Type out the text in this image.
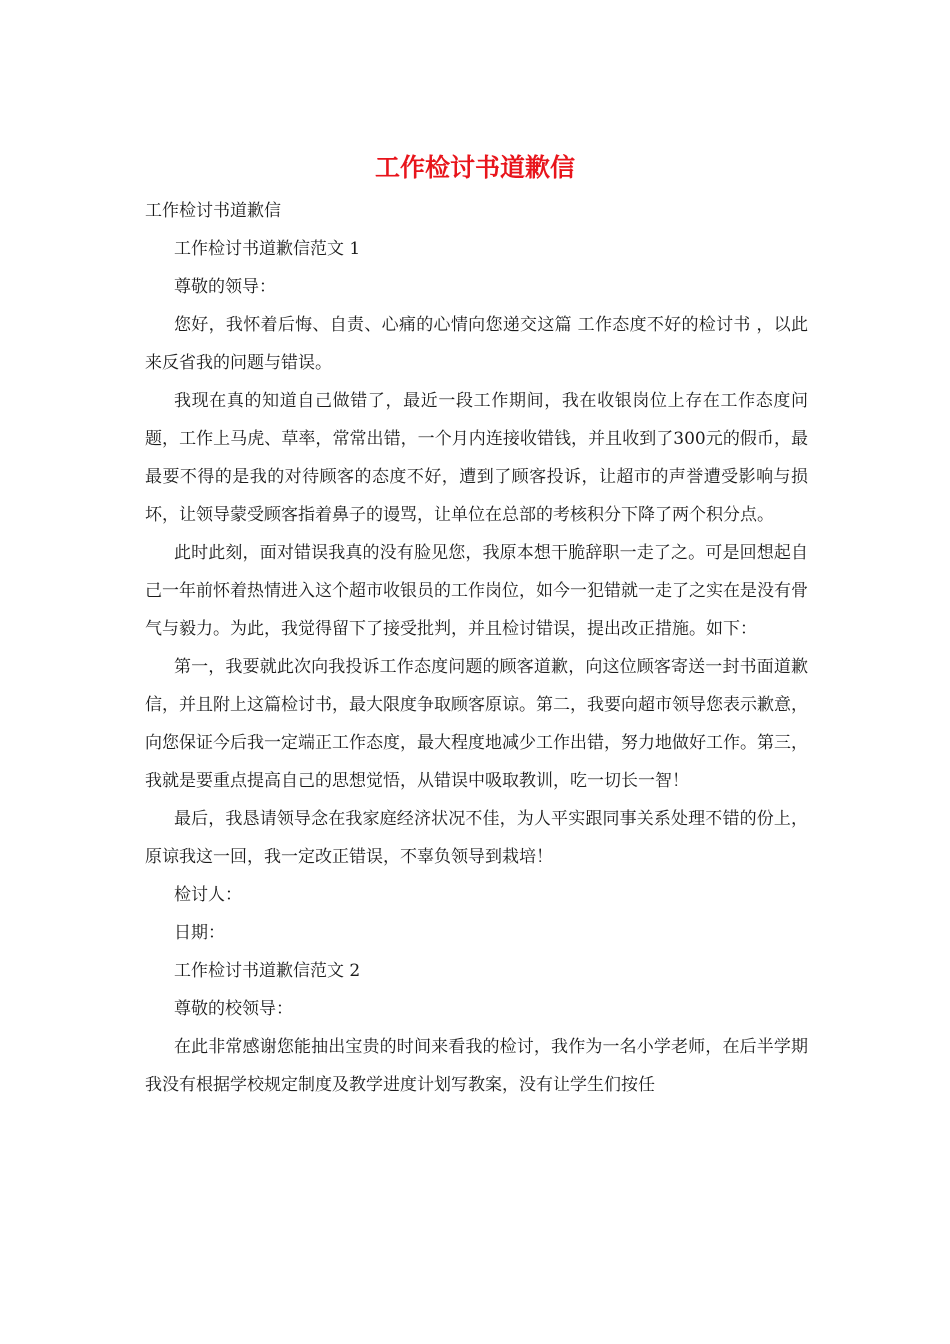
工作检讨书道歉信
工作检讨书道歉信

工作检讨书道歉信范文 1

尊敬的领导：

您好，我怀着后悔、自责、心痛的心情向您递交这篇 工作态度不好的检讨书 ，以此来反省我的问题与错误。

我现在真的知道自己做错了，最近一段工作期间，我在收银岗位上存在工作态度问题，工作上马虎、草率，常常出错，一个月内连接收错钱，并且收到了300元的假币，最最要不得的是我的对待顾客的态度不好，遭到了顾客投诉，让超市的声誉遭受影响与损坏，让领导蒙受顾客指着鼻子的谩骂，让单位在总部的考核积分下降了两个积分点。

此时此刻，面对错误我真的没有脸见您，我原本想干脆辞职一走了之。可是回想起自己一年前怀着热情进入这个超市收银员的工作岗位，如今一犯错就一走了之实在是没有骨气与毅力。为此，我觉得留下了接受批判，并且检讨错误，提出改正措施。如下：

第一，我要就此次向我投诉工作态度问题的顾客道歉，向这位顾客寄送一封书面道歉信，并且附上这篇检讨书，最大限度争取顾客原谅。第二，我要向超市领导您表示歉意，向您保证今后我一定端正工作态度，最大程度地减少工作出错，努力地做好工作。第三，我就是要重点提高自己的思想觉悟，从错误中吸取教训，吃一切长一智！

最后，我恳请领导念在我家庭经济状况不佳，为人平实跟同事关系处理不错的份上，原谅我这一回，我一定改正错误，不辜负领导到栽培！

检讨人：

日期：

工作检讨书道歉信范文 2

尊敬的校领导：

在此非常感谢您能抽出宝贵的时间来看我的检讨，我作为一名小学老师，在后半学期我没有根据学校规定制度及教学进度计划写教案，没有让学生们按任
